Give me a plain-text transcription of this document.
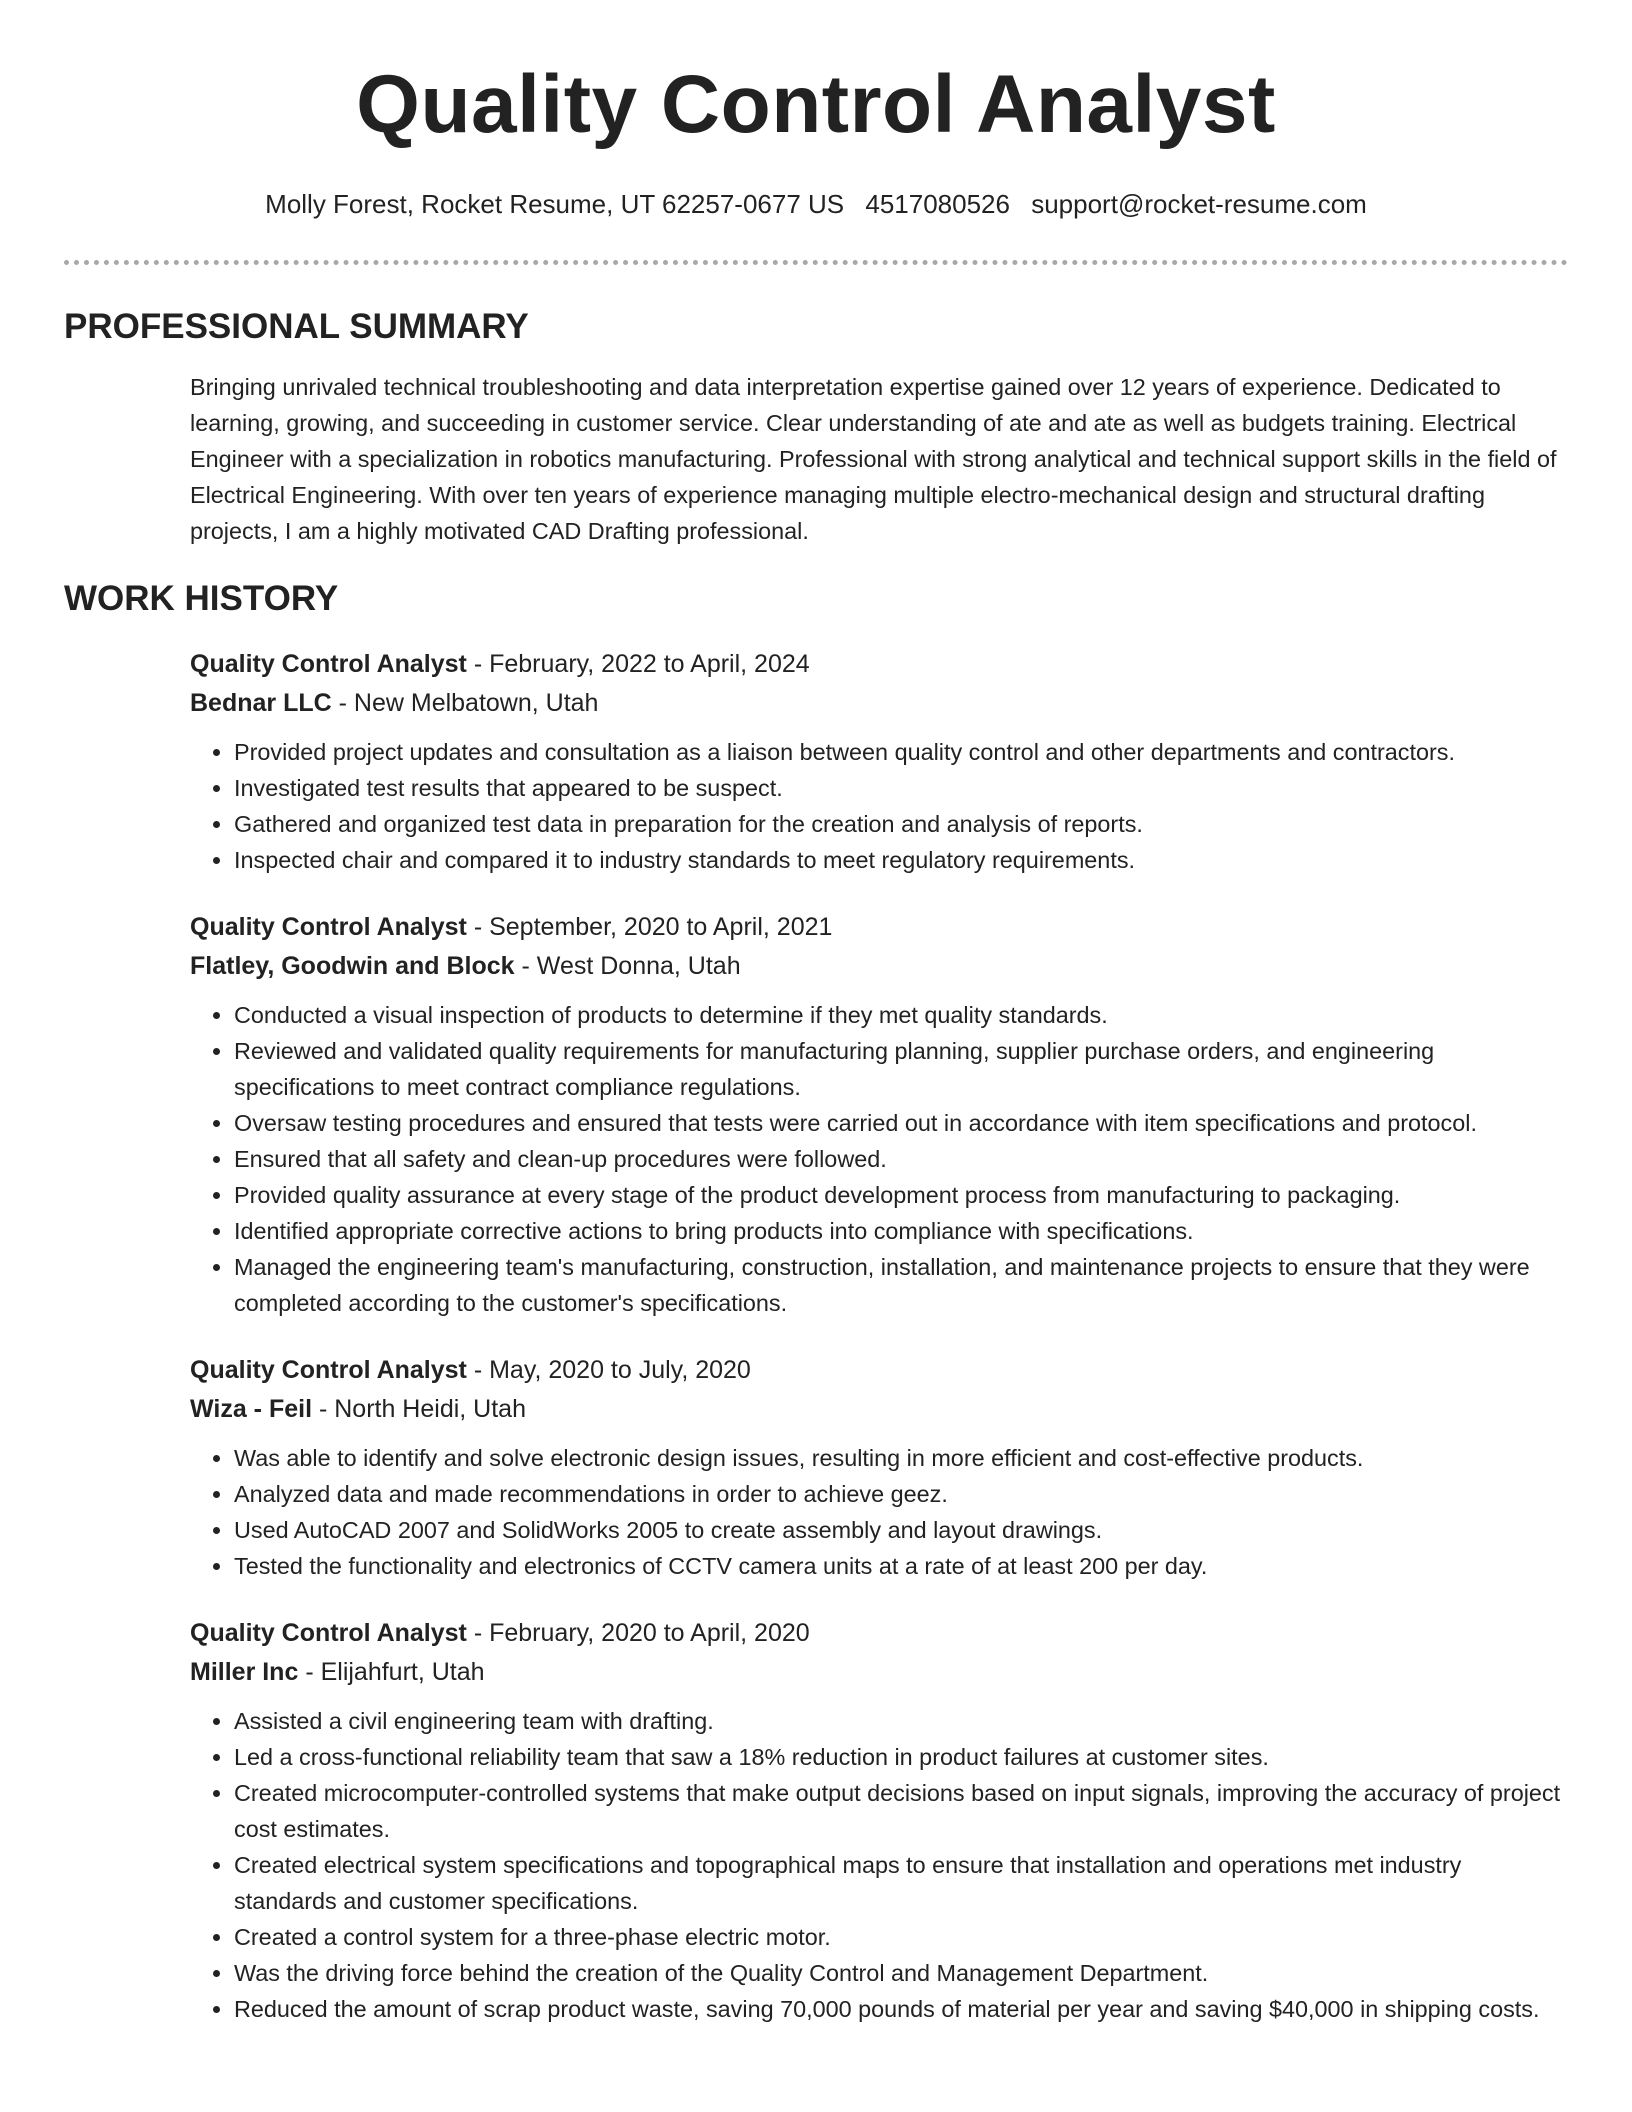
Quality Control Analyst
Molly Forest, Rocket Resume, UT 62257-0677 US 4517080526 support@rocket-resume.com
PROFESSIONAL SUMMARY

Bringing unrivaled technical troubleshooting and data interpretation expertise gained over 12 years of experience. Dedicated to learning, growing, and succeeding in customer service. Clear understanding of ate and ate as well as budgets training. Electrical Engineer with a specialization in robotics manufacturing. Professional with strong analytical and technical support skills in the field of Electrical Engineering. With over ten years of experience managing multiple electro-mechanical design and structural drafting projects, I am a highly motivated CAD Drafting professional.

WORK HISTORY
Quality Control Analyst - February, 2022 to April, 2024
Bednar LLC - New Melbatown, Utah
• Provided project updates and consultation as a liaison between quality control and other departments and contractors.
• Investigated test results that appeared to be suspect.
• Gathered and organized test data in preparation for the creation and analysis of reports.
• Inspected chair and compared it to industry standards to meet regulatory requirements.
Quality Control Analyst - September, 2020 to April, 2021
Flatley, Goodwin and Block - West Donna, Utah
• Conducted a visual inspection of products to determine if they met quality standards.
• Reviewed and validated quality requirements for manufacturing planning, supplier purchase orders, and engineering specifications to meet contract compliance regulations.
• Oversaw testing procedures and ensured that tests were carried out in accordance with item specifications and protocol.
• Ensured that all safety and clean-up procedures were followed.
• Provided quality assurance at every stage of the product development process from manufacturing to packaging.
• Identified appropriate corrective actions to bring products into compliance with specifications.
• Managed the engineering team's manufacturing, construction, installation, and maintenance projects to ensure that they were completed according to the customer's specifications.
Quality Control Analyst - May, 2020 to July, 2020
Wiza - Feil - North Heidi, Utah
• Was able to identify and solve electronic design issues, resulting in more efficient and cost-effective products.
• Analyzed data and made recommendations in order to achieve geez.
• Used AutoCAD 2007 and SolidWorks 2005 to create assembly and layout drawings.
• Tested the functionality and electronics of CCTV camera units at a rate of at least 200 per day.
Quality Control Analyst - February, 2020 to April, 2020
Miller Inc - Elijahfurt, Utah
• Assisted a civil engineering team with drafting.
• Led a cross-functional reliability team that saw a 18% reduction in product failures at customer sites.
• Created microcomputer-controlled systems that make output decisions based on input signals, improving the accuracy of project cost estimates.
• Created electrical system specifications and topographical maps to ensure that installation and operations met industry standards and customer specifications.
• Created a control system for a three-phase electric motor.
• Was the driving force behind the creation of the Quality Control and Management Department.
• Reduced the amount of scrap product waste, saving 70,000 pounds of material per year and saving $40,000 in shipping costs.
